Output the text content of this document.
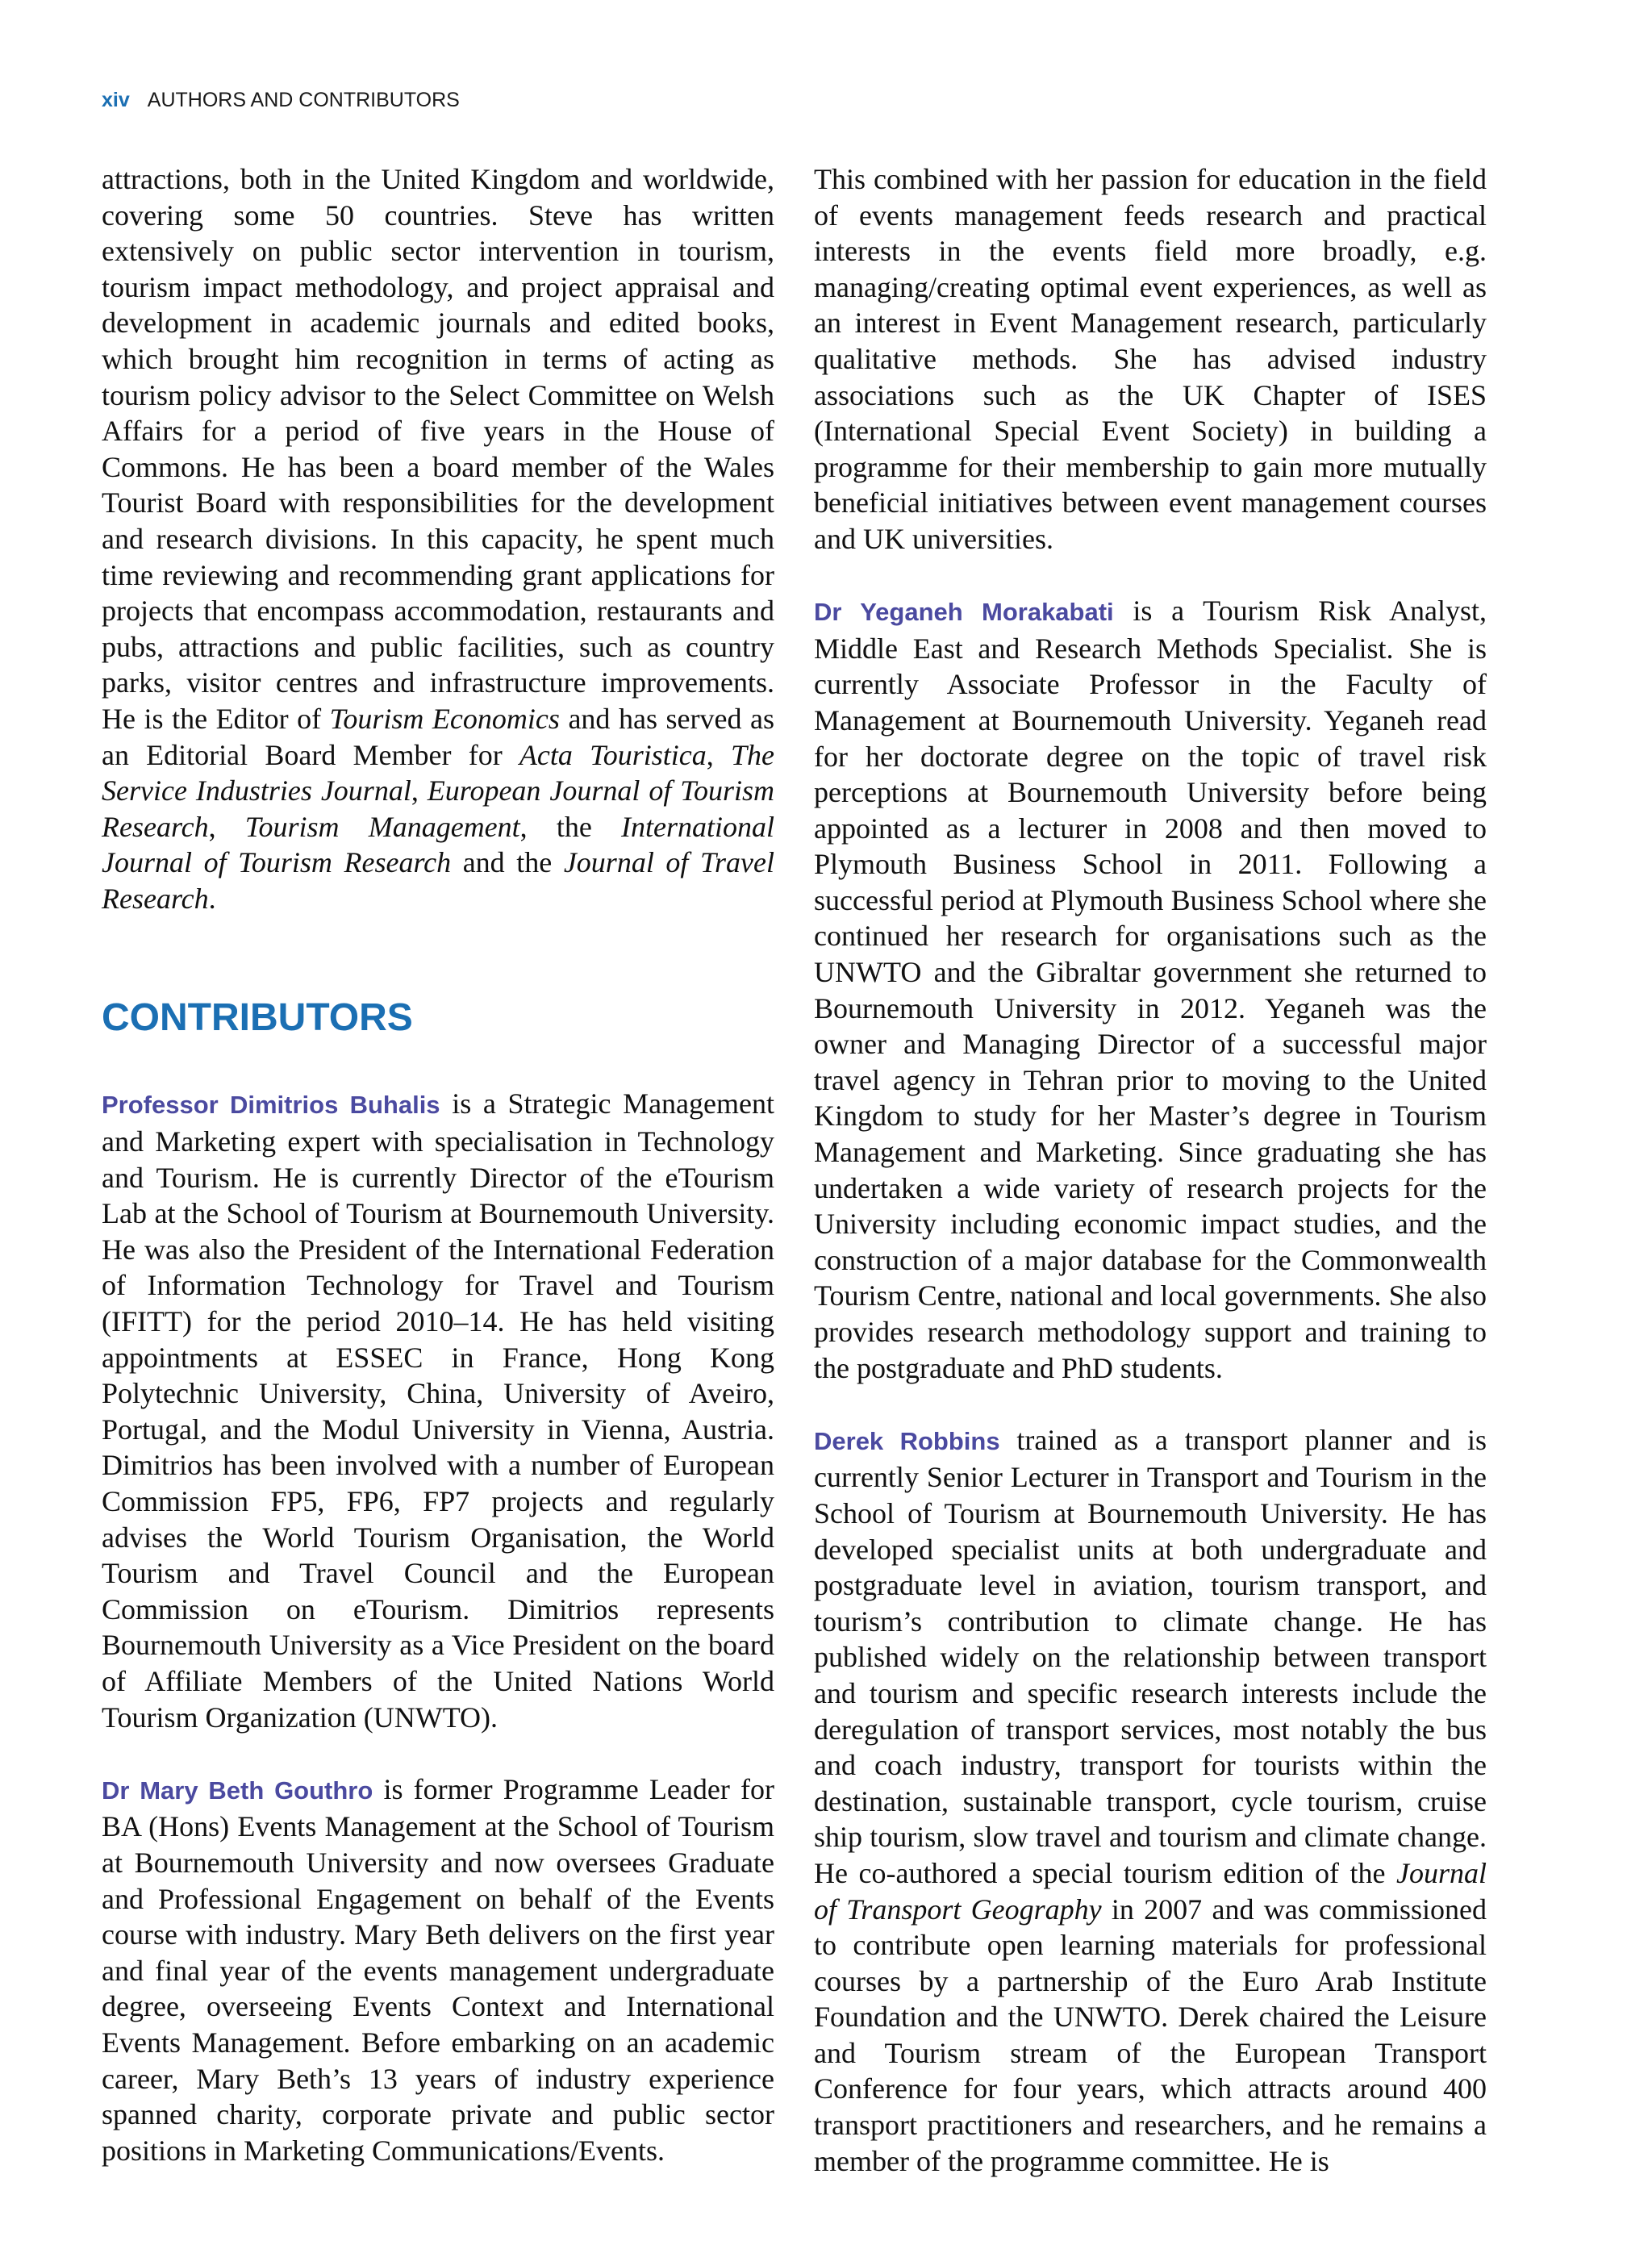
xiv AUTHORS AND CONTRIBUTORS

attractions, both in the United Kingdom and worldwide, covering some 50 countries. Steve has written extensively on public sector intervention in tourism, tourism impact methodology, and project appraisal and development in academic journals and edited books, which brought him recognition in terms of acting as tourism policy advisor to the Select Committee on Welsh Affairs for a period of five years in the House of Commons. He has been a board member of the Wales Tourist Board with responsibilities for the development and research divisions. In this capacity, he spent much time reviewing and recommending grant applications for projects that encompass accommodation, restaurants and pubs, attractions and public facilities, such as country parks, visitor centres and infrastructure improvements. He is the Editor of Tourism Economics and has served as an Editorial Board Member for Acta Touristica, The Service Industries Journal, European Journal of Tourism Research, Tourism Management, the International Journal of Tourism Research and the Journal of Travel Research.

CONTRIBUTORS

Professor Dimitrios Buhalis is a Strategic Management and Marketing expert with specialisation in Technology and Tourism. He is currently Director of the eTourism Lab at the School of Tourism at Bournemouth University. He was also the President of the International Federation of Information Technology for Travel and Tourism (IFITT) for the period 2010–14. He has held visiting appointments at ESSEC in France, Hong Kong Polytechnic University, China, University of Aveiro, Portugal, and the Modul University in Vienna, Austria. Dimitrios has been involved with a number of European Commission FP5, FP6, FP7 projects and regularly advises the World Tourism Organisation, the World Tourism and Travel Council and the European Commission on eTourism. Dimitrios represents Bournemouth University as a Vice President on the board of Affiliate Members of the United Nations World Tourism Organization (UNWTO).

Dr Mary Beth Gouthro is former Programme Leader for BA (Hons) Events Management at the School of Tourism at Bournemouth University and now oversees Graduate and Professional Engagement on behalf of the Events course with industry. Mary Beth delivers on the first year and final year of the events management undergraduate degree, overseeing Events Context and International Events Management. Before embarking on an academic career, Mary Beth’s 13 years of industry experience spanned charity, corporate private and public sector positions in Marketing Communications/Events.

This combined with her passion for education in the field of events management feeds research and practical interests in the events field more broadly, e.g. managing/creating optimal event experiences, as well as an interest in Event Management research, particularly qualitative methods. She has advised industry associations such as the UK Chapter of ISES (International Special Event Society) in building a programme for their membership to gain more mutually beneficial initiatives between event management courses and UK universities.

Dr Yeganeh Morakabati is a Tourism Risk Analyst, Middle East and Research Methods Specialist. She is currently Associate Professor in the Faculty of Management at Bournemouth University. Yeganeh read for her doctorate degree on the topic of travel risk perceptions at Bournemouth University before being appointed as a lecturer in 2008 and then moved to Plymouth Business School in 2011. Following a successful period at Plymouth Business School where she continued her research for organisations such as the UNWTO and the Gibraltar government she returned to Bournemouth University in 2012. Yeganeh was the owner and Managing Director of a successful major travel agency in Tehran prior to moving to the United Kingdom to study for her Master’s degree in Tourism Management and Marketing. Since graduating she has undertaken a wide variety of research projects for the University including economic impact studies, and the construction of a major database for the Commonwealth Tourism Centre, national and local governments. She also provides research methodology support and training to the postgraduate and PhD students.

Derek Robbins trained as a transport planner and is currently Senior Lecturer in Transport and Tourism in the School of Tourism at Bournemouth University. He has developed specialist units at both undergraduate and postgraduate level in aviation, tourism transport, and tourism’s contribution to climate change. He has published widely on the relationship between transport and tourism and specific research interests include the deregulation of transport services, most notably the bus and coach industry, transport for tourists within the destination, sustainable transport, cycle tourism, cruise ship tourism, slow travel and tourism and climate change. He co-authored a special tourism edition of the Journal of Transport Geography in 2007 and was commissioned to contribute open learning materials for professional courses by a partnership of the Euro Arab Institute Foundation and the UNWTO. Derek chaired the Leisure and Tourism stream of the European Transport Conference for four years, which attracts around 400 transport practitioners and researchers, and he remains a member of the programme committee. He is
